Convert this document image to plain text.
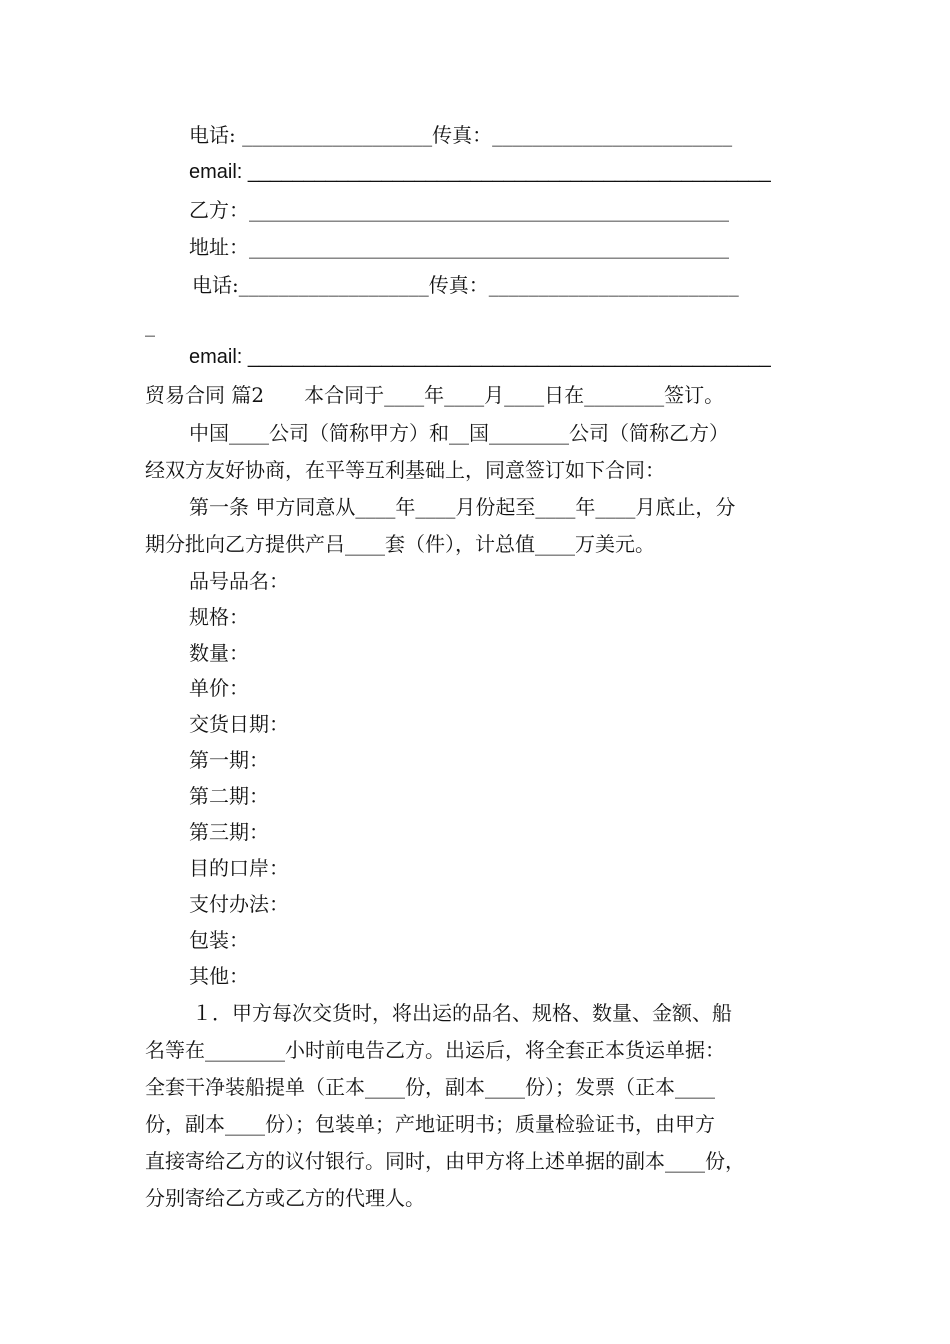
电话: ___________________传真：________________________
email: _______________________________________________
乙方：________________________________________________
地址：________________________________________________
电话:___________________传真：_________________________
_
email: _______________________________________________
贸易合同 篇2　　本合同于____年____月____日在________签订。
中国____公司（简称甲方）和__国________公司（简称乙方）
经双方友好协商，在平等互利基础上，同意签订如下合同：
第一条 甲方同意从____年____月份起至____年____月底止，分
期分批向乙方提供产吕____套（件），计总值____万美元。
品号品名：
规格：
数量：
单价：
交货日期：
第一期：
第二期：
第三期：
目的口岸：
支付办法：
包装：
其他：
１．甲方每次交货时，将出运的品名、规格、数量、金额、船
名等在________小时前电告乙方。出运后，将全套正本货运单据：
全套干净装船提单（正本____份，副本____份）；发票（正本____
份，副本____份）；包装单；产地证明书；质量检验证书，由甲方
直接寄给乙方的议付银行。同时，由甲方将上述单据的副本____份，
分别寄给乙方或乙方的代理人。
